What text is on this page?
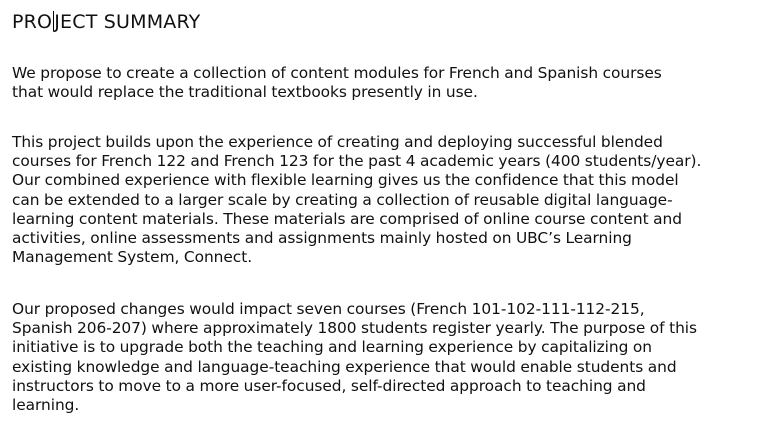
PRO JECT SUMMARY

We propose to create a collection of content modules for French and Spanish courses
that would replace the traditional textbooks presently in use.

This project builds upon the experience of creating and deploying successful blended
courses for French 122 and French 123 for the past 4 academic years (400 students/year).
Our combined experience with flexible learning gives us the confidence that this model
can be extended to a larger scale by creating a collection of reusable digital language-
learning content materials. These materials are comprised of online course content and
activities, online assessments and assignments mainly hosted on UBC’s Learning
Management System, Connect.

Our proposed changes would impact seven courses (French 101-102-111-112-215,
Spanish 206-207) where approximately 1800 students register yearly. The purpose of this
initiative is to upgrade both the teaching and learning experience by capitalizing on
existing knowledge and language-teaching experience that would enable students and
instructors to move to a more user-focused, self-directed approach to teaching and
learning.
